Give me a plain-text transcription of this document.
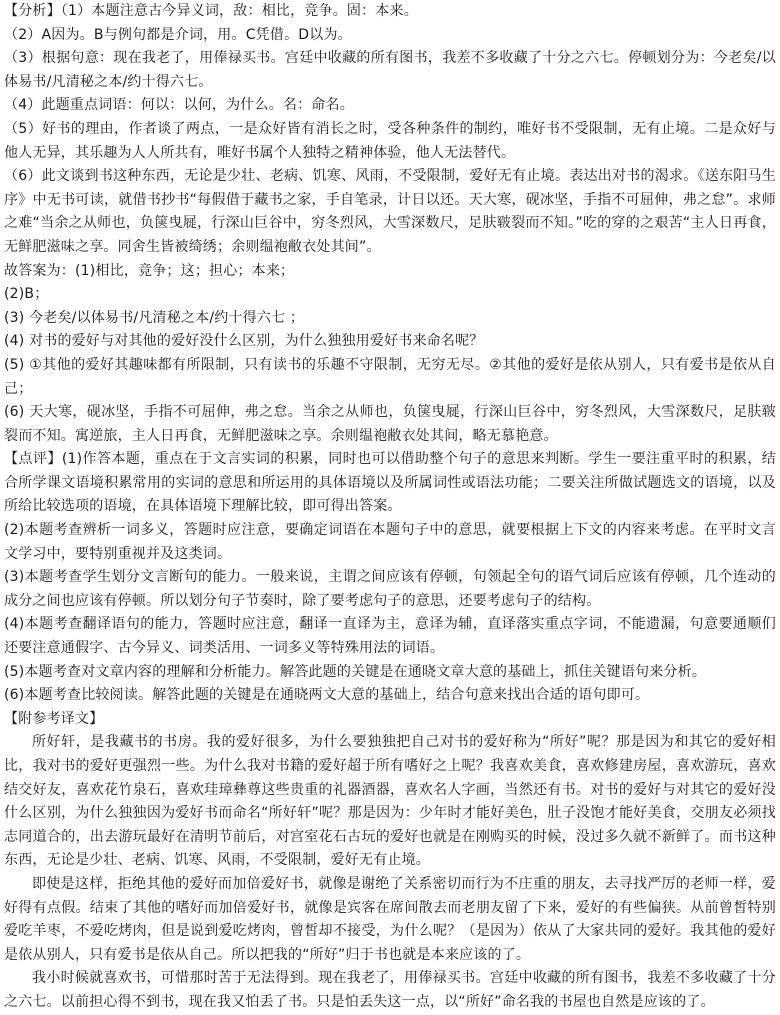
【分析】（1）本题注意古今异义词，敌：相比，竞争。固：本来。

（2）A因为。B与例句都是介词，用。C凭借。D以为。

（3）根据句意：现在我老了，用俸禄买书。宫廷中收藏的所有图书，我差不多收藏了十分之六七。停顿划分为：今老矣/以体易书/凡清秘之本/约十得六七。

（4）此题重点词语：何以：以何，为什么。名：命名。

（5）好书的理由，作者谈了两点，一是众好皆有消长之时，受各种条件的制约，唯好书不受限制，无有止境。二是众好与他人无异，其乐趣为人人所共有，唯好书属个人独特之精神体验，他人无法替代。

（6）此文谈到书这种东西，无论是少壮、老病、饥寒、风雨，不受限制，爱好无有止境。表达出对书的渴求。《送东阳马生序》中无书可读，就借书抄书“每假借于藏书之家，手自笔录，计日以还。天大寒，砚冰坚，手指不可屈伸，弗之怠”。求师之难“当余之从师也，负箧曳屣，行深山巨谷中，穷冬烈风，大雪深数尺，足肤皲裂而不知。”吃的穿的之艰苦“主人日再食，无鲜肥滋味之享。同舍生皆被绮绣；余则缊袍敝衣处其间”。

故答案为：(1)相比，竞争；这；担心；本来；

(2)B；

(3) 今老矣/以体易书/凡清秘之本/约十得六七 ；

(4) 对书的爱好与对其他的爱好没什么区别，为什么独独用爱好书来命名呢？

(5) ①其他的爱好其趣味都有所限制，只有读书的乐趣不守限制，无穷无尽。②其他的爱好是依从别人，只有爱书是依从自己；

(6) 天大寒，砚冰坚，手指不可屈伸，弗之怠。当余之从师也，负箧曳屣，行深山巨谷中，穷冬烈风，大雪深数尺，足肤皲裂而不知。寓逆旅，主人日再食，无鲜肥滋味之享。余则缊袍敝衣处其间，略无慕艳意。

【点评】(1)作答本题，重点在于文言实词的积累，同时也可以借助整个句子的意思来判断。学生一要注重平时的积累，结合所学课文语境积累常用的实词的意思和所运用的具体语境以及所属词性或语法功能；二要关注所做试题选文的语境，以及所给比较选项的语境，在具体语境下理解比较，即可得出答案。

(2)本题考查辨析一词多义，答题时应注意，要确定词语在本题句子中的意思，就要根据上下文的内容来考虑。在平时文言文学习中，要特别重视并及这类词。

(3)本题考查学生划分文言断句的能力。一般来说，主谓之间应该有停顿，句领起全句的语气词后应该有停顿，几个连动的成分之间也应该有停顿。所以划分句子节奏时，除了要考虑句子的意思，还要考虑句子的结构。

(4)本题考查翻译语句的能力，答题时应注意，翻译一直译为主，意译为辅，直译落实重点字词，不能遗漏，句意要通顺们还要注意通假字、古今异义、词类活用、一词多义等特殊用法的词语。

(5)本题考查对文章内容的理解和分析能力。解答此题的关键是在通晓文章大意的基础上，抓住关键语句来分析。

(6)本题考查比较阅读。解答此题的关键是在通晓两文大意的基础上，结合句意来找出合适的语句即可。

【附参考译文】

所好轩，是我藏书的书房。我的爱好很多，为什么要独独把自己对书的爱好称为“所好”呢？那是因为和其它的爱好相比，我对书的爱好更强烈一些。为什么我对书籍的爱好超于所有嗜好之上呢？我喜欢美食，喜欢修建房屋，喜欢游玩，喜欢结交好友，喜欢花竹泉石，喜欢珪璋彝尊这些贵重的礼器酒器，喜欢名人字画，当然还有书。对书的爱好与对其它的爱好没什么区别，为什么独独因为爱好书而命名“所好轩”呢？那是因为：少年时才能好美色，肚子没饱才能好美食，交朋友必须找志同道合的，出去游玩最好在清明节前后，对宫室花石古玩的爱好也就是在刚购买的时候，没过多久就不新鲜了。而书这种东西，无论是少壮、老病、饥寒、风雨，不受限制，爱好无有止境。

即使是这样，拒绝其他的爱好而加倍爱好书，就像是谢绝了关系密切而行为不庄重的朋友，去寻找严厉的老师一样，爱好得有点假。结束了其他的嗜好而加倍爱好书，就像是宾客在席间散去而老朋友留了下来，爱好的有些偏狭。从前曾皙特别爱吃羊枣，不爱吃烤肉，但是说到爱吃烤肉，曾皙却不接受，为什么呢？（是因为）依从了大家共同的爱好。我其他的爱好是依从别人，只有爱书是依从自己。所以把我的“所好”归于书也就是本来应该的了。

我小时候就喜欢书，可惜那时苦于无法得到。现在我老了，用俸禄买书。宫廷中收藏的所有图书，我差不多收藏了十分之六七。以前担心得不到书，现在我又怕丢了书。只是怕丢失这一点，以“所好”命名我的书屋也自然是应该的了。
